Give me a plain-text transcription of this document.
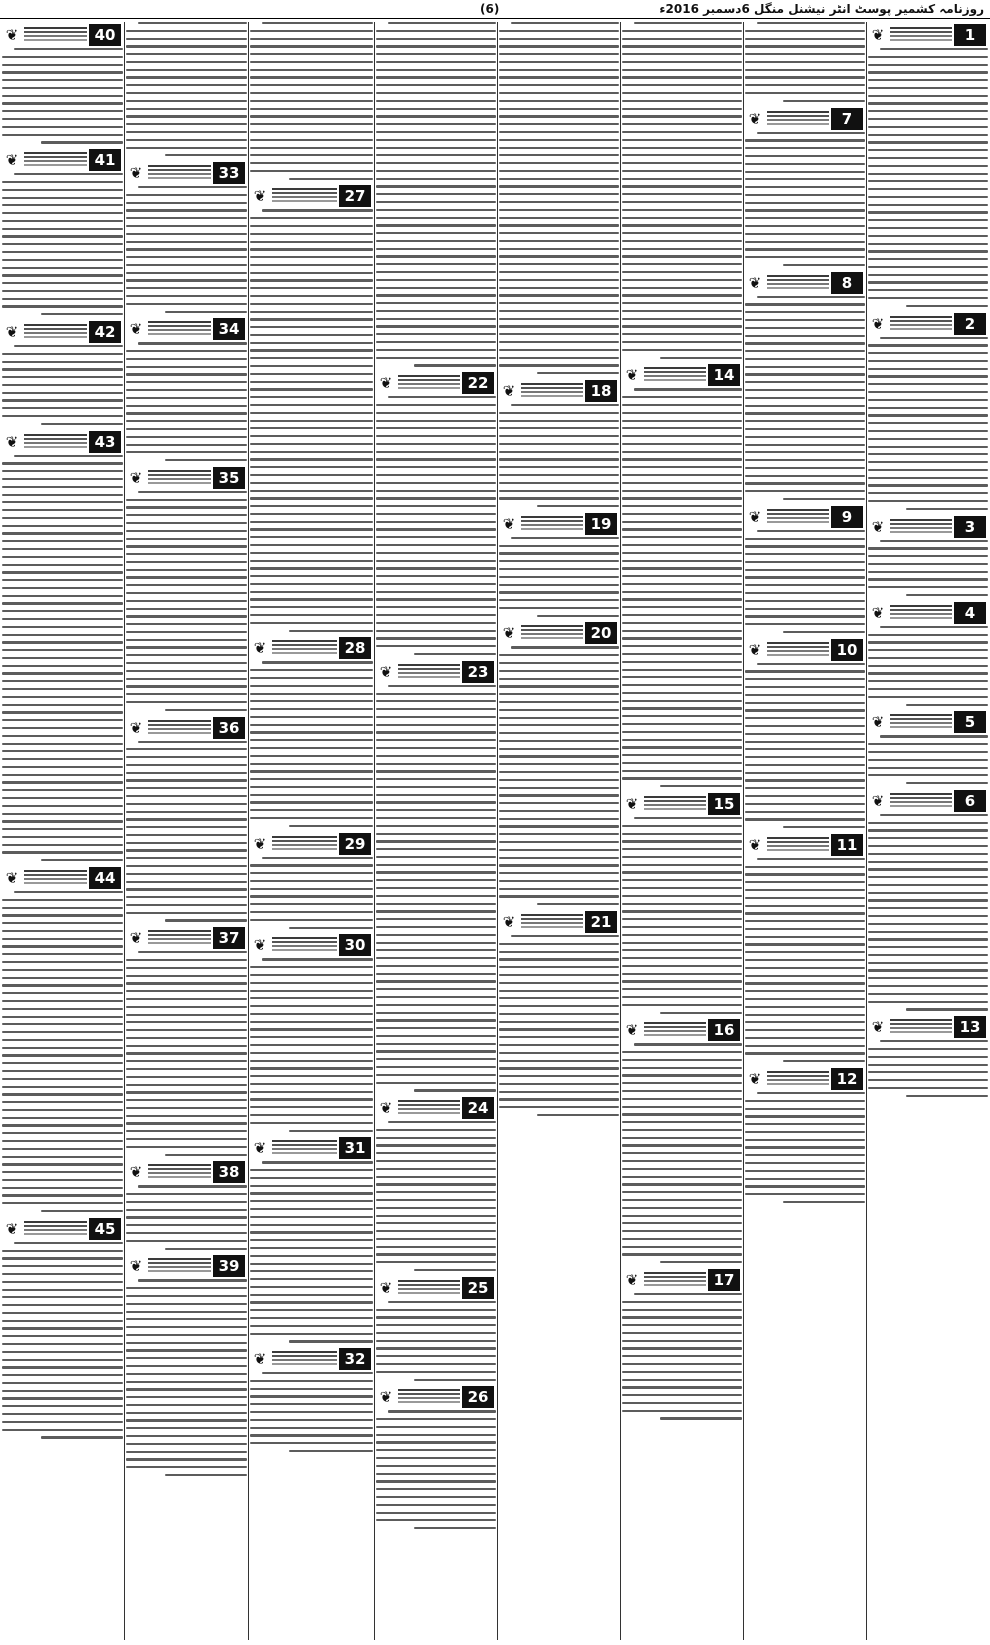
روزنامہ کشمیر پوسٹ انٹر نیشنل منگل 6دسمبر 2016ء
(6)
❦	1
❦	2
❦	3
❦	4
❦	5
❦	6
❦	13
❦	7
❦	8
❦	9
❦	10
❦	11
❦	12
❦	14
❦	15
❦	16
❦	17
❦	18
❦	19
❦	20
❦	21
❦	22
❦	23
❦	24
❦	25
❦	26
❦	27
❦	28
❦	29
❦	30
❦	31
❦	32
❦	33
❦	34
❦	35
❦	36
❦	37
❦	38
❦	39
❦	40
❦	41
❦	42
❦	43
❦	44
❦	45
